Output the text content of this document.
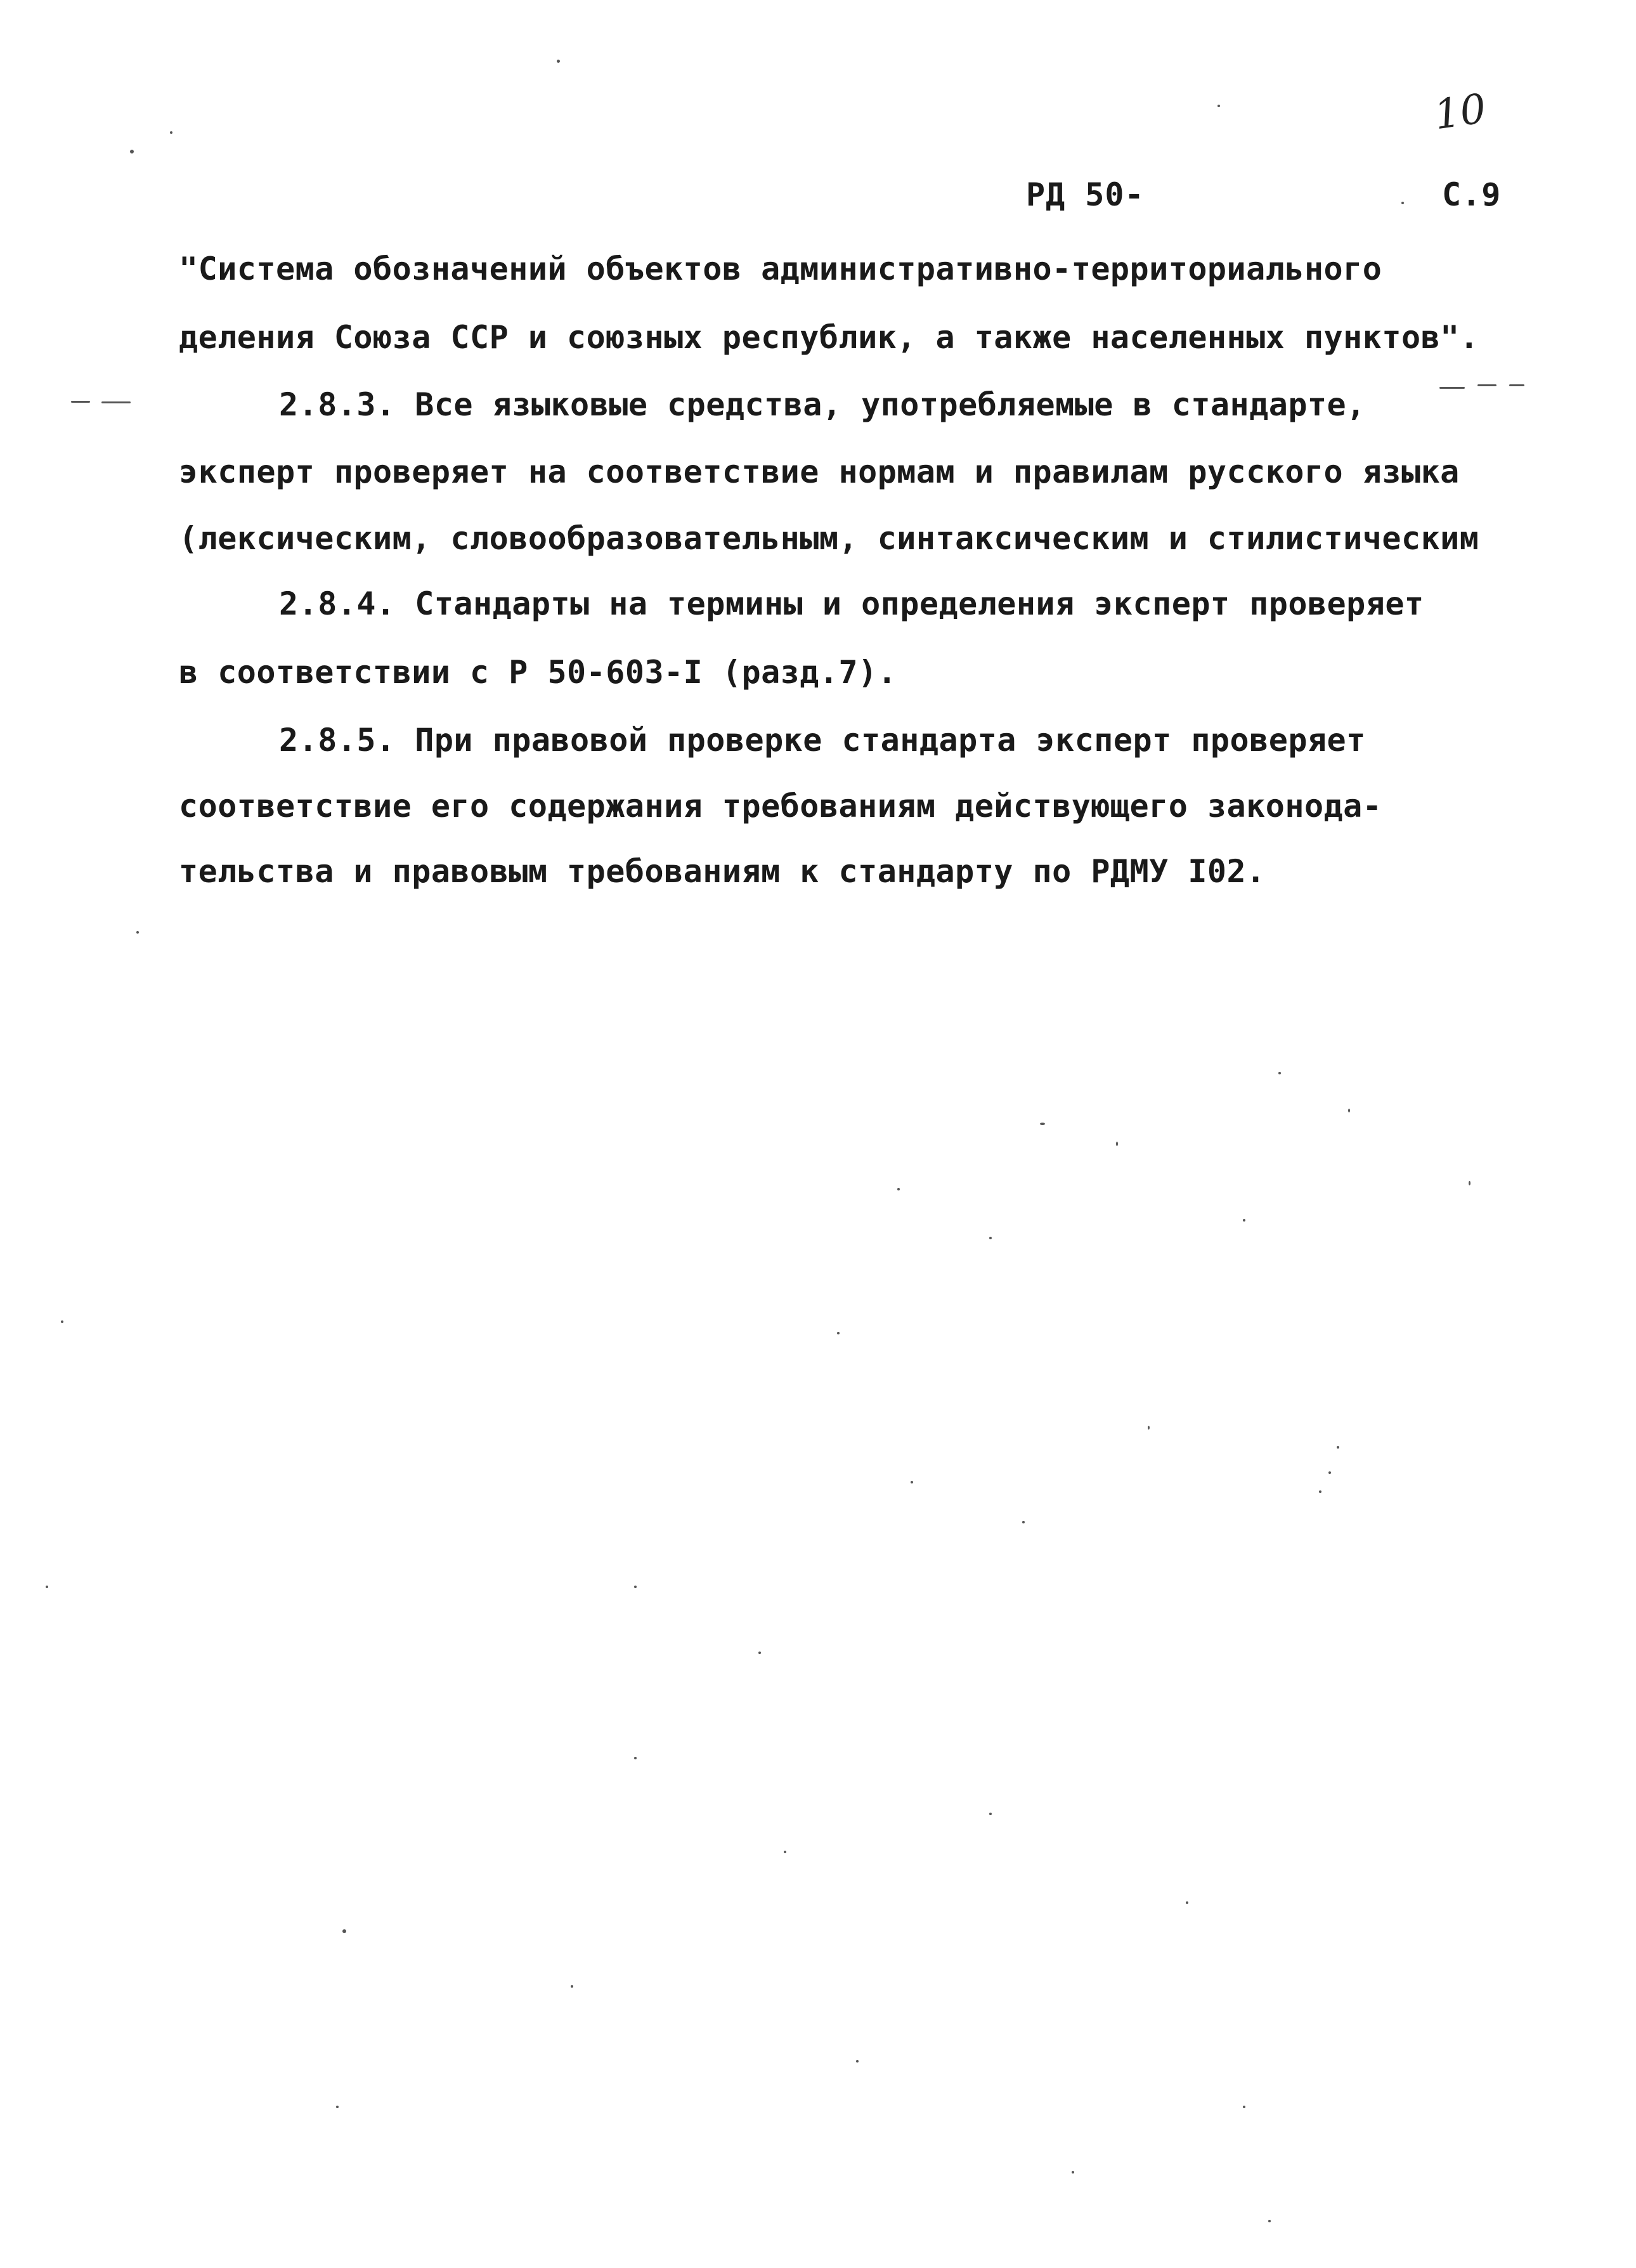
10
РД 50-	С.9
"Система обозначений объектов административно-территориального
деления Союза ССР и союзных республик, а также населенных пунктов".
2.8.3. Все языковые средства, употребляемые в стандарте,
эксперт проверяет на соответствие нормам и правилам русского языка
(лексическим, словообразовательным, синтаксическим и стилистическим
2.8.4. Стандарты на термины и определения эксперт проверяет
в соответствии с Р 50-603-I (разд.7).
2.8.5. При правовой проверке стандарта эксперт проверяет
соответствие его содержания требованиям действующего законода-
тельства и правовым требованиям к стандарту по РДМУ I02.
